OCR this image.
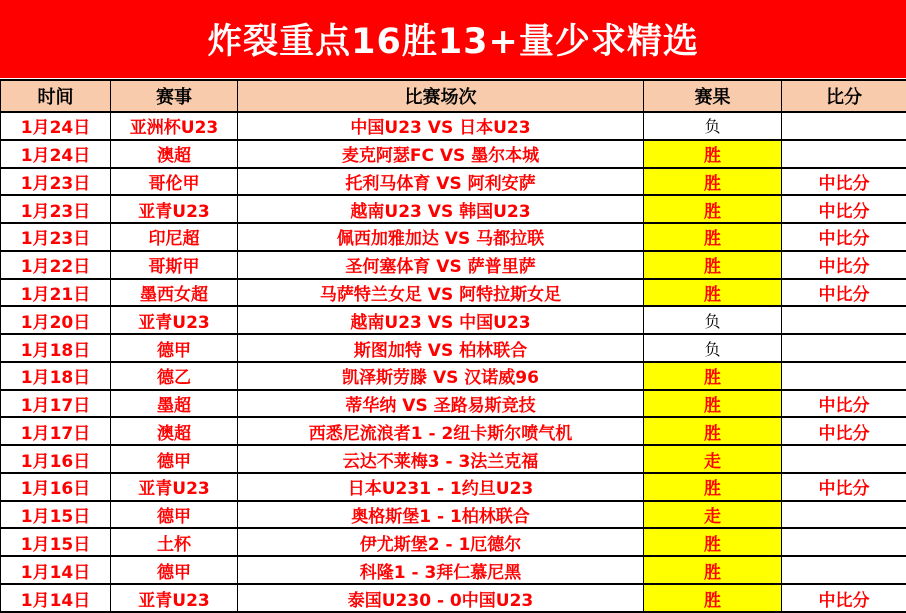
炸裂重点16胜13+量少求精选
时间	赛事	比赛场次	赛果	比分
1月24日	亚洲杯U23	中国U23 VS 日本U23	负	
1月24日	澳超	麦克阿瑟FC VS 墨尔本城	胜	
1月23日	哥伦甲	托利马体育 VS 阿利安萨	胜	中比分
1月23日	亚青U23	越南U23 VS 韩国U23	胜	中比分
1月23日	印尼超	佩西加雅加达 VS 马都拉联	胜	中比分
1月22日	哥斯甲	圣何塞体育 VS 萨普里萨	胜	中比分
1月21日	墨西女超	马萨特兰女足 VS 阿特拉斯女足	胜	中比分
1月20日	亚青U23	越南U23 VS 中国U23	负	
1月18日	德甲	斯图加特 VS 柏林联合	负	
1月18日	德乙	凯泽斯劳滕 VS 汉诺威96	胜	
1月17日	墨超	蒂华纳 VS 圣路易斯竞技	胜	中比分
1月17日	澳超	西悉尼流浪者1 - 2纽卡斯尔喷气机	胜	中比分
1月16日	德甲	云达不莱梅3 - 3法兰克福	走	
1月16日	亚青U23	日本U231 - 1约旦U23	胜	中比分
1月15日	德甲	奥格斯堡1 - 1柏林联合	走	
1月15日	土杯	伊尤斯堡2 - 1厄德尔	胜	
1月14日	德甲	科隆1 - 3拜仁慕尼黑	胜	
1月14日	亚青U23	泰国U230 - 0中国U23	胜	中比分
